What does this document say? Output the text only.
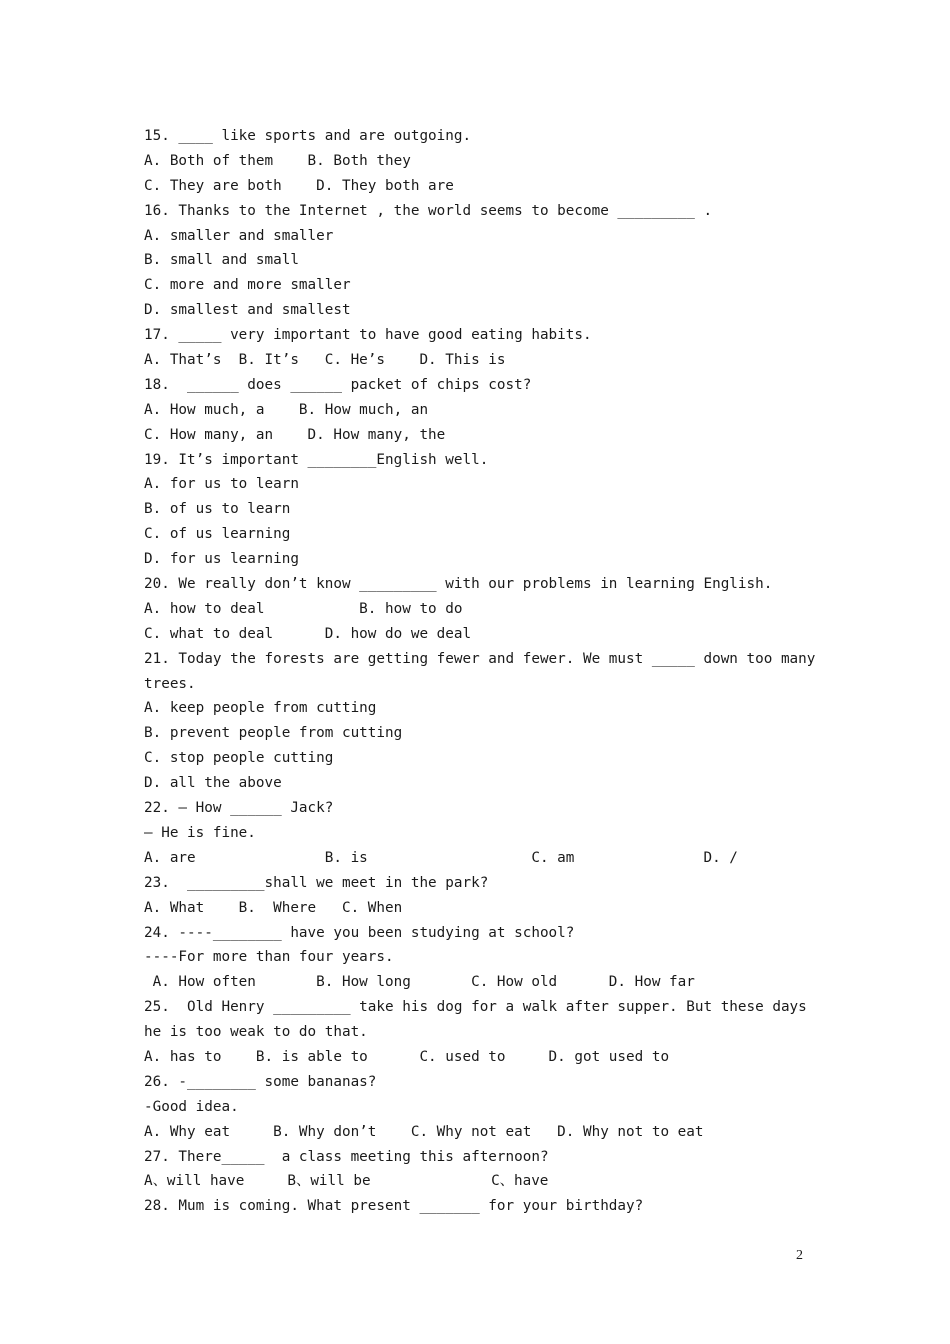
15. ____ like sports and are outgoing.
A. Both of them    B. Both they
C. They are both    D. They both are
16. Thanks to the Internet , the world seems to become _________ .
A. smaller and smaller
B. small and small
C. more and more smaller
D. smallest and smallest
17. _____ very important to have good eating habits.
A. That’s  B. It’s   C. He’s    D. This is
18.  ______ does ______ packet of chips cost?
A. How much, a    B. How much, an
C. How many, an    D. How many, the
19. It’s important ________English well.
A. for us to learn
B. of us to learn
C. of us learning
D. for us learning
20. We really don’t know _________ with our problems in learning English.
A. how to deal           B. how to do
C. what to deal      D. how do we deal
21. Today the forests are getting fewer and fewer. We must _____ down too many
trees.
A. keep people from cutting
B. prevent people from cutting
C. stop people cutting
D. all the above
22. — How ______ Jack?
— He is fine.
A. are               B. is                   C. am               D. /
23.  _________shall we meet in the park?
A. What    B.  Where   C. When
24. ----________ have you been studying at school?
----For more than four years.
A. How often       B. How long       C. How old      D. How far
25.  Old Henry _________ take his dog for a walk after supper. But these days
he is too weak to do that.
A. has to    B. is able to      C. used to     D. got used to
26. -________ some bananas?
-Good idea.
A. Why eat     B. Why don’t    C. Why not eat   D. Why not to eat
27. There_____  a class meeting this afternoon?
A、will have     B、will be              C、have
28. Mum is coming. What present _______ for your birthday?
2
